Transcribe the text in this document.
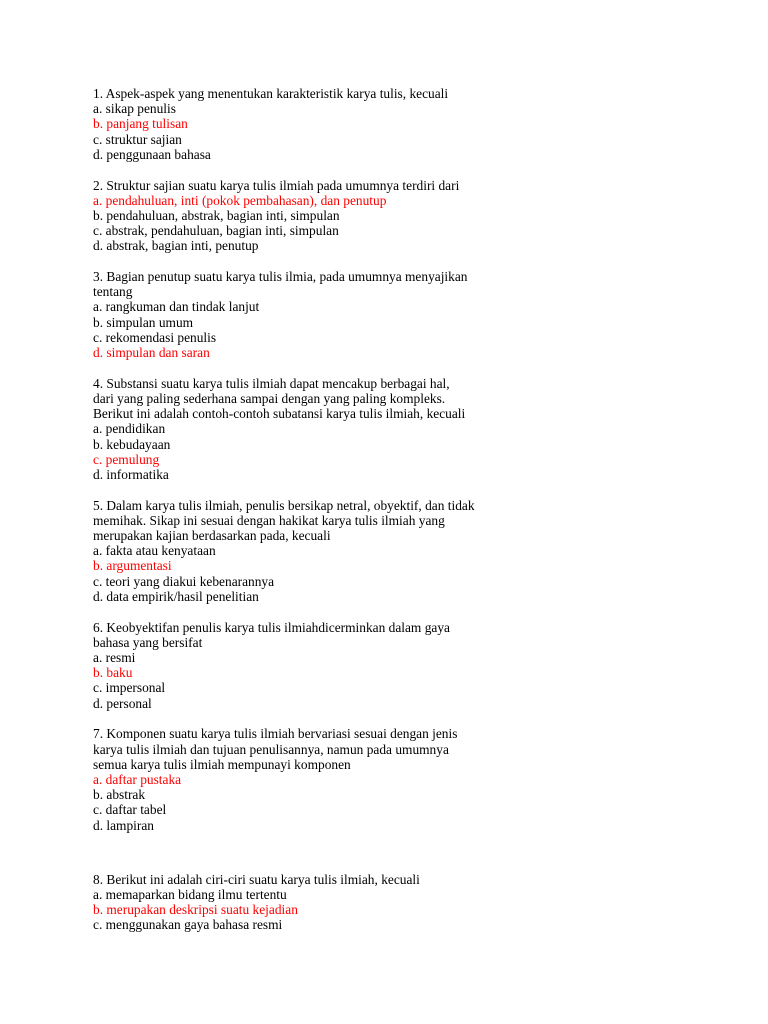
1. Aspek-aspek yang menentukan karakteristik karya tulis, kecuali
a. sikap penulis
b. panjang tulisan
c. struktur sajian
d. penggunaan bahasa
2. Struktur sajian suatu karya tulis ilmiah pada umumnya terdiri dari
a. pendahuluan, inti (pokok pembahasan), dan penutup
b. pendahuluan, abstrak, bagian inti, simpulan
c. abstrak, pendahuluan, bagian inti, simpulan
d. abstrak, bagian inti, penutup
3. Bagian penutup suatu karya tulis ilmia, pada umumnya menyajikan
tentang
a. rangkuman dan tindak lanjut
b. simpulan umum
c. rekomendasi penulis
d. simpulan dan saran
4. Substansi suatu karya tulis ilmiah dapat mencakup berbagai hal,
dari yang paling sederhana sampai dengan yang paling kompleks.
Berikut ini adalah contoh-contoh subatansi karya tulis ilmiah, kecuali
a. pendidikan
b. kebudayaan
c. pemulung
d. informatika
5. Dalam karya tulis ilmiah, penulis bersikap netral, obyektif, dan tidak
memihak. Sikap ini sesuai dengan hakikat karya tulis ilmiah yang
merupakan kajian berdasarkan pada, kecuali
a. fakta atau kenyataan
b. argumentasi
c. teori yang diakui kebenarannya
d. data empirik/hasil penelitian
6. Keobyektifan penulis karya tulis ilmiahdicerminkan dalam gaya
bahasa yang bersifat
a. resmi
b. baku
c. impersonal
d. personal
7. Komponen suatu karya tulis ilmiah bervariasi sesuai dengan jenis
karya tulis ilmiah dan tujuan penulisannya, namun pada umumnya
semua karya tulis ilmiah mempunayi komponen
a. daftar pustaka
b. abstrak
c. daftar tabel
d. lampiran
8. Berikut ini adalah ciri-ciri suatu karya tulis ilmiah, kecuali
a. memaparkan bidang ilmu tertentu
b. merupakan deskripsi suatu kejadian
c. menggunakan gaya bahasa resmi
